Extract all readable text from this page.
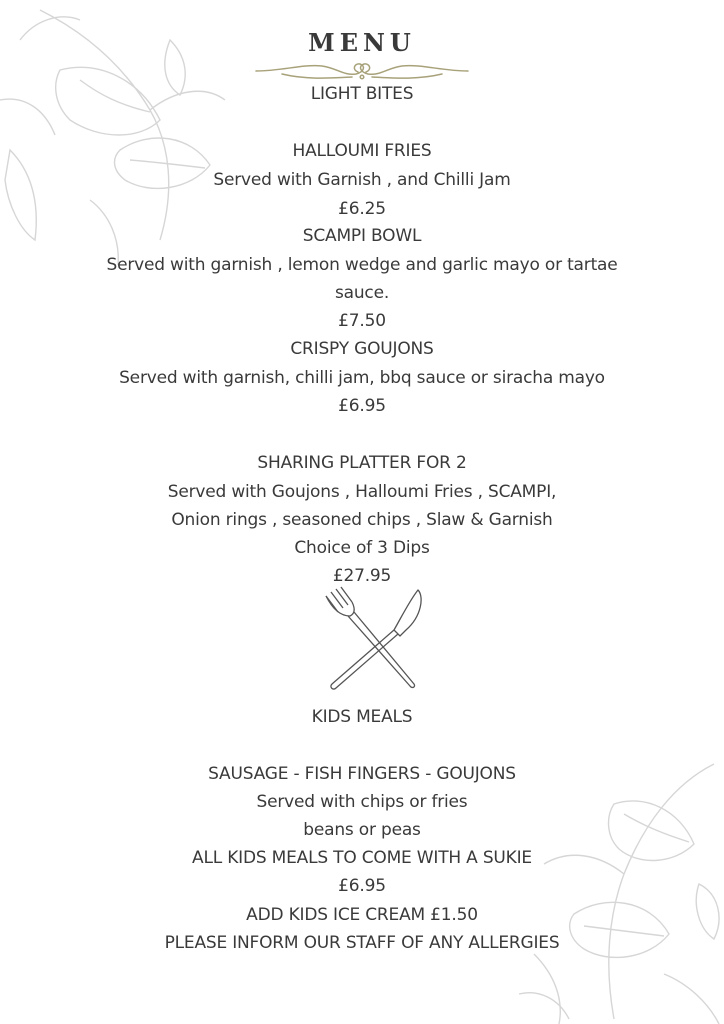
MENU

LIGHT BITES

HALLOUMI FRIES

Served with Garnish , and Chilli Jam

£6.25

SCAMPI BOWL

Served with garnish , lemon wedge and garlic mayo or tartae

sauce.

£7.50

CRISPY GOUJONS

Served with garnish, chilli jam, bbq sauce or siracha mayo

£6.95

SHARING PLATTER FOR 2

Served with Goujons , Halloumi Fries , SCAMPI,

Onion rings , seasoned chips , Slaw & Garnish

Choice of 3 Dips

£27.95

KIDS MEALS

SAUSAGE - FISH FINGERS - GOUJONS

Served with chips or fries

beans or peas

ALL KIDS MEALS TO COME WITH A SUKIE

£6.95

ADD KIDS ICE CREAM £1.50

PLEASE INFORM OUR STAFF OF ANY ALLERGIES
